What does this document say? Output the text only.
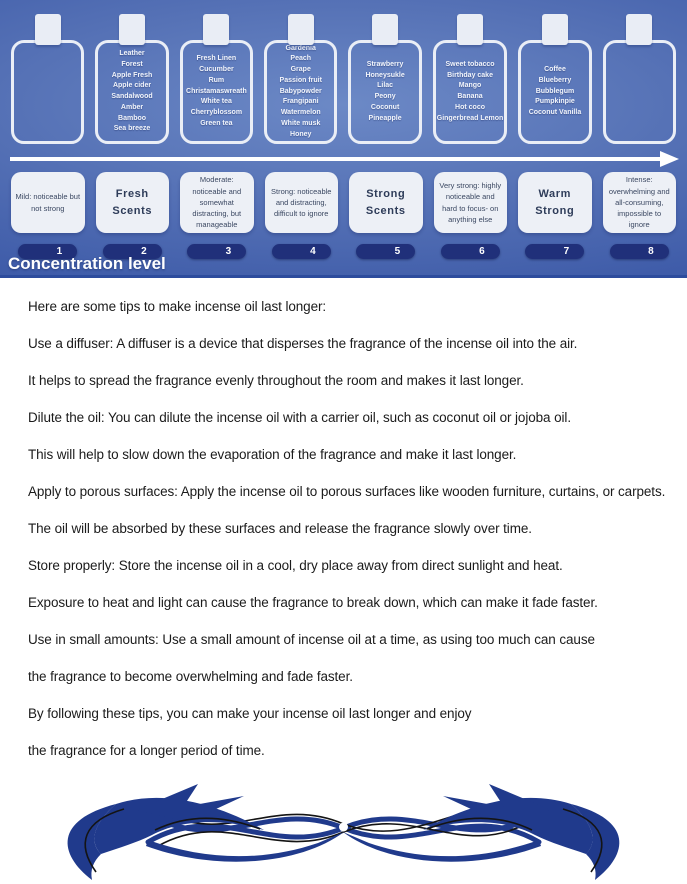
Leather
Forest
Apple Fresh
Apple cider
Sandalwood
Amber
Bamboo
Sea breeze
Fresh Linen
Cucumber
Rum
Christamaswreath
White tea
Cherryblossom
Green tea
Gardenia
Peach
Grape
Passion fruit
Babypowder
Frangipani
Watermelon
White musk
Honey
Strawberry
Honeysukle
Lilac
Peony
Coconut
Pineapple
Sweet tobacco
Birthday cake
Mango
Banana
Hot coco
Gingerbread Lemon
Coffee
Blueberry
Bubblegum
Pumpkinpie
Coconut Vanilla
Mild: noticeable but not strong
1
Fresh Scents
2
Moderate: noticeable and somewhat distracting, but manageable
3
Strong: noticeable and distracting, difficult to ignore
4
Strong Scents
5
Very strong: highly noticeable and hard to focus- on anything else
6
Warm Strong
7
Intense: overwhelming and all-consuming, impossible to ignore
8
Concentration level

Here are some tips to make incense oil last longer:

Use a diffuser: A diffuser is a device that disperses the fragrance of the incense oil into the air.

It helps to spread the fragrance evenly throughout the room and makes it last longer.

Dilute the oil: You can dilute the incense oil with a carrier oil, such as coconut oil or jojoba oil.

This will help to slow down the evaporation of the fragrance and make it last longer.

Apply to porous surfaces: Apply the incense oil to porous surfaces like wooden furniture, curtains, or carpets.

The oil will be absorbed by these surfaces and release the fragrance slowly over time.

Store properly: Store the incense oil in a cool, dry place away from direct sunlight and heat.

Exposure to heat and light can cause the fragrance to break down, which can make it fade faster.

Use in small amounts: Use a small amount of incense oil at a time, as using too much can cause

the fragrance to become overwhelming and fade faster.

By following these tips, you can make your incense oil last longer and enjoy

the fragrance for a longer period of time.
